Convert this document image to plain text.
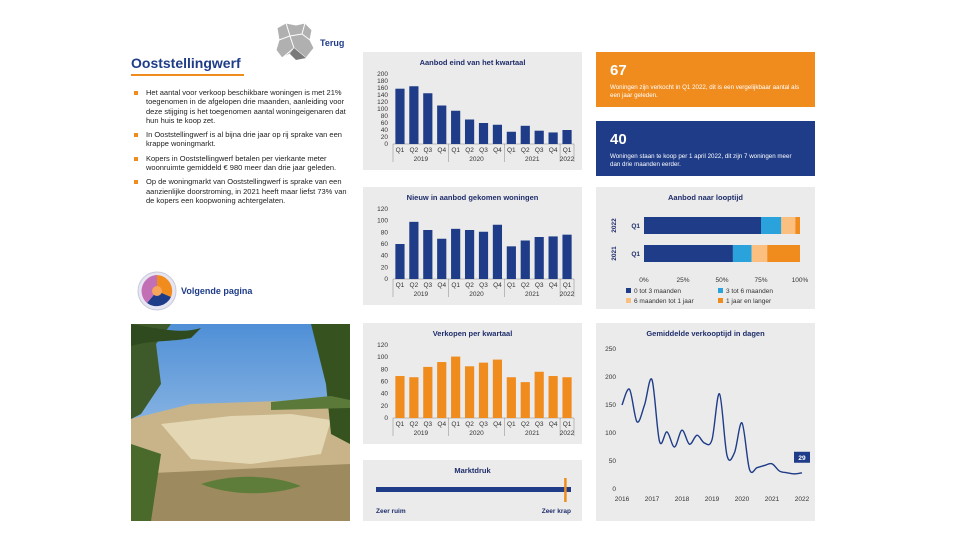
Terug
Ooststellingwerf
Het aantal voor verkoop beschikbare woningen is met 21% toegenomen in de afgelopen drie maanden, aanleiding voor deze stijging is het toegenomen aantal woningeigenaren dat hun huis te koop zet.
In Ooststellingwerf is al bijna drie jaar op rij sprake van een krappe woningmarkt.
Kopers in Ooststellingwerf betalen per vierkante meter woonruimte gemiddeld € 980 meer dan drie jaar geleden.
Op de woningmarkt van Ooststellingwerf is sprake van een aanzienlijke doorstroming, in 2021 heeft maar liefst 73% van de kopers een koopwoning achtergelaten.
Volgende pagina
Aanbod eind van het kwartaal
0
20
40
60
80
100
120
140
160
180
200
Q1 Q2 Q3 Q4 Q1 Q2 Q3 Q4 Q1 Q2 Q3 Q4 Q1
2019	2020	2021	2022
Nieuw in aanbod gekomen woningen
0
20
40
60
80
100
120
Q1 Q2 Q3 Q4 Q1 Q2 Q3 Q4 Q1 Q2 Q3 Q4 Q1
2019	2020	2021	2022
Verkopen per kwartaal
0
20
40
60
80
100
120
Q1 Q2 Q3 Q4 Q1 Q2 Q3 Q4 Q1 Q2 Q3 Q4 Q1
2019	2020	2021	2022
Marktdruk
Zeer ruim	Zeer krap
67
Woningen zijn verkocht in Q1 2022, dit is een vergelijkbaar aantal als een jaar geleden.
40
Woningen staan te koop per 1 april 2022, dit zijn 7 woningen meer dan drie maanden eerder.
Aanbod naar looptijd
Q1
2022
Q1
2021
0%	25%	50%	75%	100%
0 tot 3 maanden	3 tot 6 maanden
6 maanden tot 1 jaar	1 jaar en langer
Gemiddelde verkooptijd in dagen
0
50
100
150
200
250
2016 2017 2018 2019 2020 2021 2022
29
